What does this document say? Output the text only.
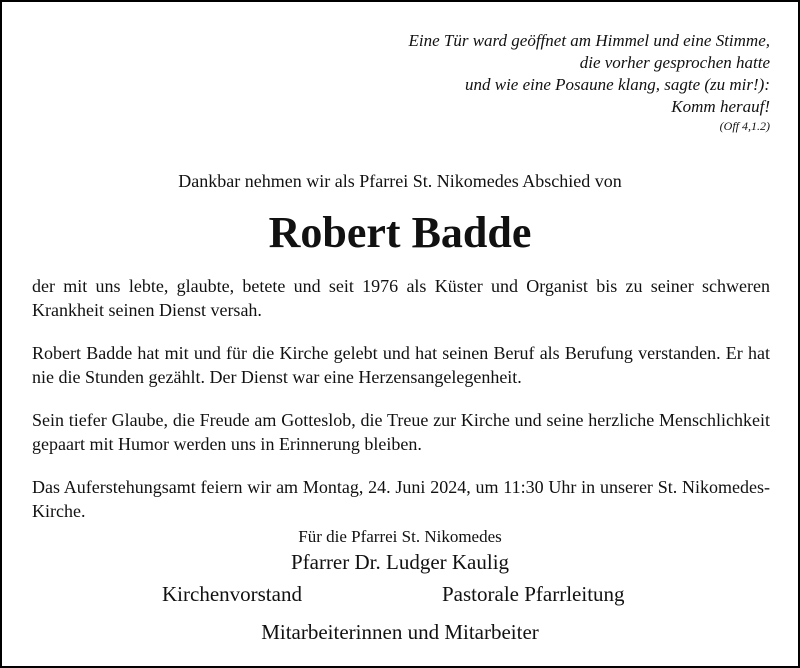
Eine Tür ward geöffnet am Himmel und eine Stimme,
die vorher gesprochen hatte
und wie eine Posaune klang, sagte (zu mir!):
Komm herauf!
(Off 4,1.2)
Dankbar nehmen wir als Pfarrei St. Nikomedes Abschied von
Robert Badde

der mit uns lebte, glaubte, betete und seit 1976 als Küster und Organist bis zu seiner schweren Krankheit seinen Dienst versah.

Robert Badde hat mit und für die Kirche gelebt und hat seinen Beruf als Berufung verstanden. Er hat nie die Stunden gezählt. Der Dienst war eine Herzensangelegenheit.

Sein tiefer Glaube, die Freude am Gotteslob, die Treue zur Kirche und seine herzliche Menschlichkeit gepaart mit Humor werden uns in Erinnerung bleiben.

Das Auferstehungsamt feiern wir am Montag, 24. Juni 2024, um 11:30 Uhr in unserer St. Nikomedes-Kirche.

Für die Pfarrei St. Nikomedes
Pfarrer Dr. Ludger Kaulig
Kirchenvorstand	Pastorale Pfarrleitung
Mitarbeiterinnen und Mitarbeiter
